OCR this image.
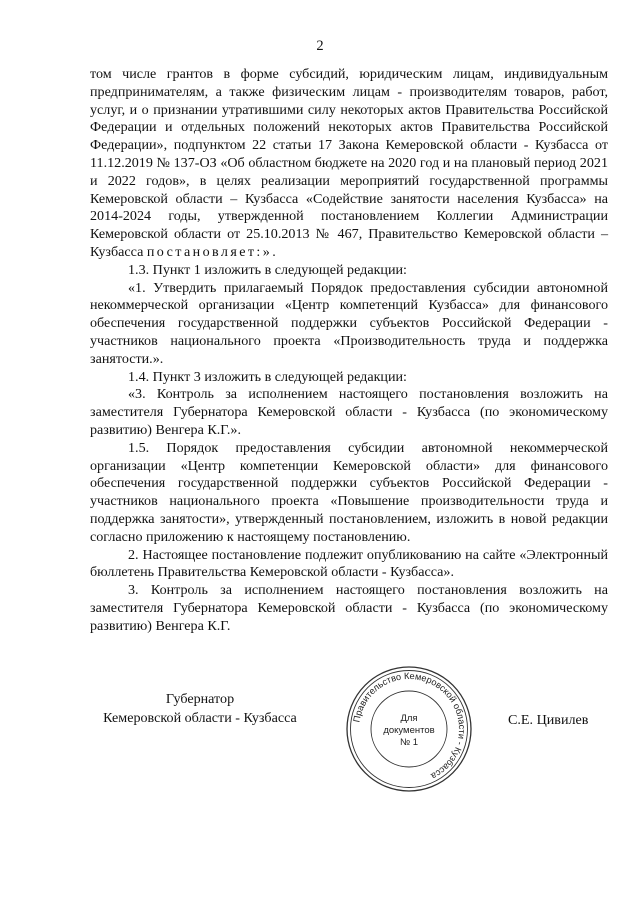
2

том числе грантов в форме субсидий, юридическим лицам, индивидуальным предпринимателям, а также физическим лицам - производителям товаров, работ, услуг, и о признании утратившими силу некоторых актов Правительства Российской Федерации и отдельных положений некоторых актов Правительства Российской Федерации», подпунктом 22 статьи 17 Закона Кемеровской области - Кузбасса от 11.12.2019 № 137-ОЗ «Об областном бюджете на 2020 год и на плановый период 2021 и 2022 годов», в целях реализации мероприятий государственной программы Кемеровской области – Кузбасса «Содействие занятости населения Кузбасса» на 2014-2024 годы, утвержденной постановлением Коллегии Администрации Кемеровской области от 25.10.2013 № 467, Правительство Кемеровской области – Кузбасса постановляет:».

1.3. Пункт 1 изложить в следующей редакции:

«1. Утвердить прилагаемый Порядок предоставления субсидии автономной некоммерческой организации «Центр компетенций Кузбасса» для финансового обеспечения государственной поддержки субъектов Российской Федерации - участников национального проекта «Производительность труда и поддержка занятости.».

1.4. Пункт 3 изложить в следующей редакции:

«3. Контроль за исполнением настоящего постановления возложить на заместителя Губернатора Кемеровской области - Кузбасса (по экономическому развитию) Венгера К.Г.».

1.5. Порядок предоставления субсидии автономной некоммерческой организации «Центр компетенции Кемеровской области» для финансового обеспечения государственной поддержки субъектов Российской Федерации - участников национального проекта «Повышение производительности труда и поддержка занятости», утвержденный постановлением, изложить в новой редакции согласно приложению к настоящему постановлению.

2. Настоящее постановление подлежит опубликованию на сайте «Электронный бюллетень Правительства Кемеровской области - Кузбасса».

3. Контроль за исполнением настоящего постановления возложить на заместителя Губернатора Кемеровской области - Кузбасса (по экономическому развитию) Венгера К.Г.

Губернатор
Кемеровской области - Кузбасса	Правительство Кемеровской области - Кузбасса
Для
документов
№ 1
С.Е. Цивилев
